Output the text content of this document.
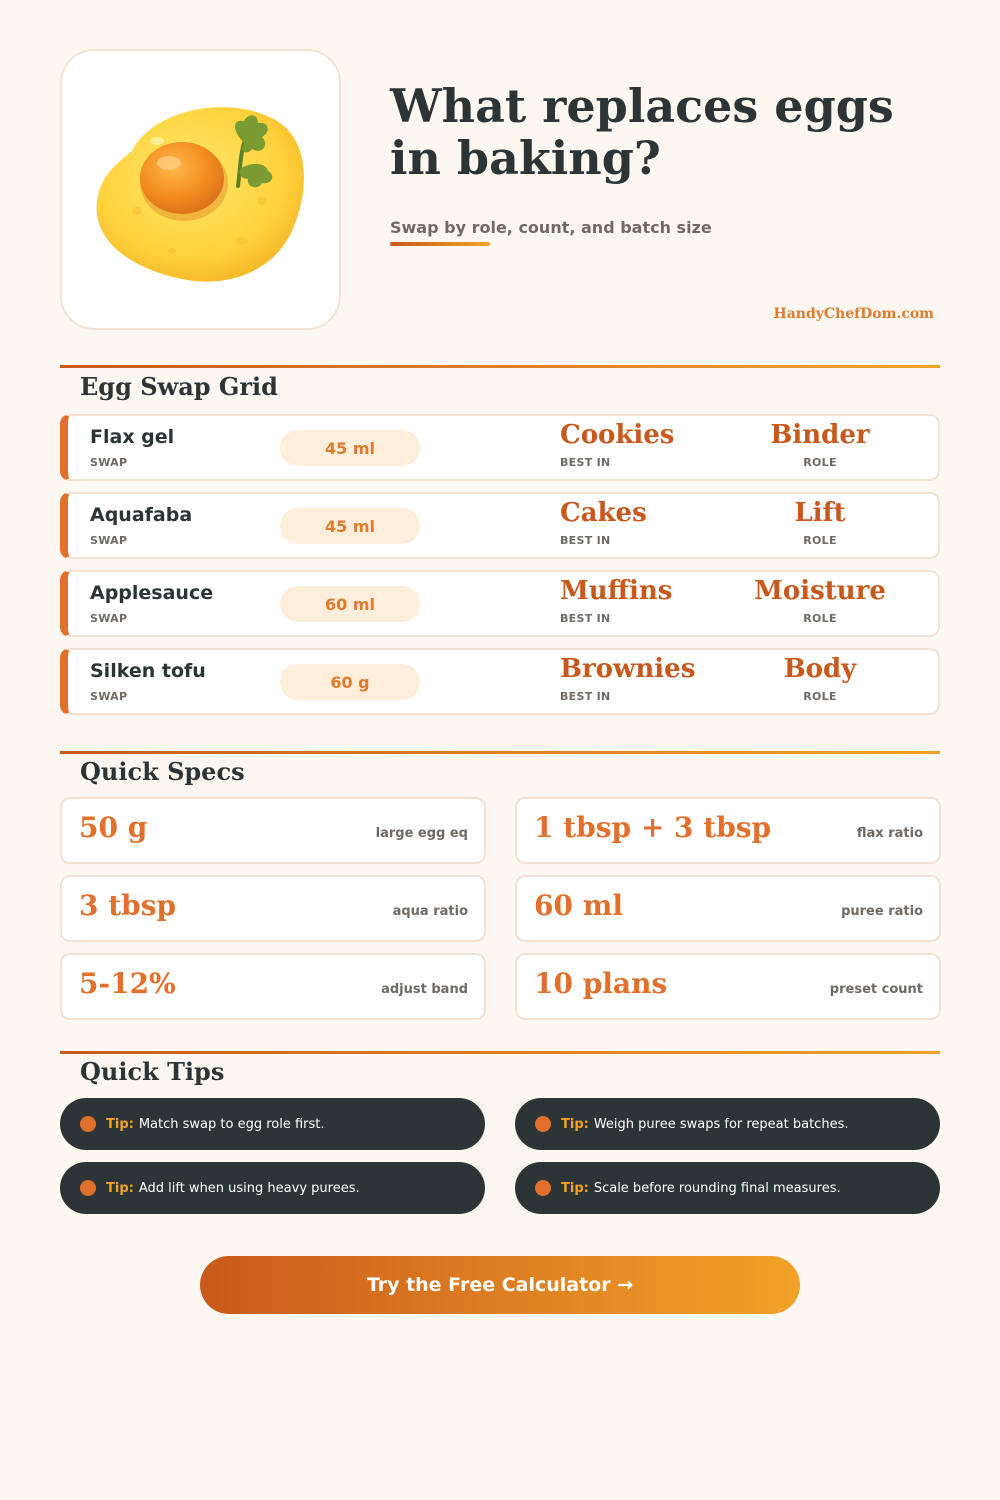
What replaces eggs in baking?
Swap by role, count, and batch size
HandyChefDom.com
Egg Swap Grid
Flax gel
SWAP
45 ml	Cookies
BEST IN
Binder
ROLE
Aquafaba
SWAP
45 ml	Cakes
BEST IN
Lift
ROLE
Applesauce
SWAP
60 ml	Muffins
BEST IN
Moisture
ROLE
Silken tofu
SWAP
60 g	Brownies
BEST IN
Body
ROLE
Quick Specs
50 g	large egg eq 1 tbsp + 3 tbsp	flax ratio
3 tbsp	aqua ratio 60 ml	puree ratio
5-12%	adjust band 10 plans	preset count
Quick Tips
Tip: Match swap to egg role first.	Tip: Weigh puree swaps for repeat batches.
Tip: Add lift when using heavy purees.	Tip: Scale before rounding final measures.
Try the Free Calculator →
